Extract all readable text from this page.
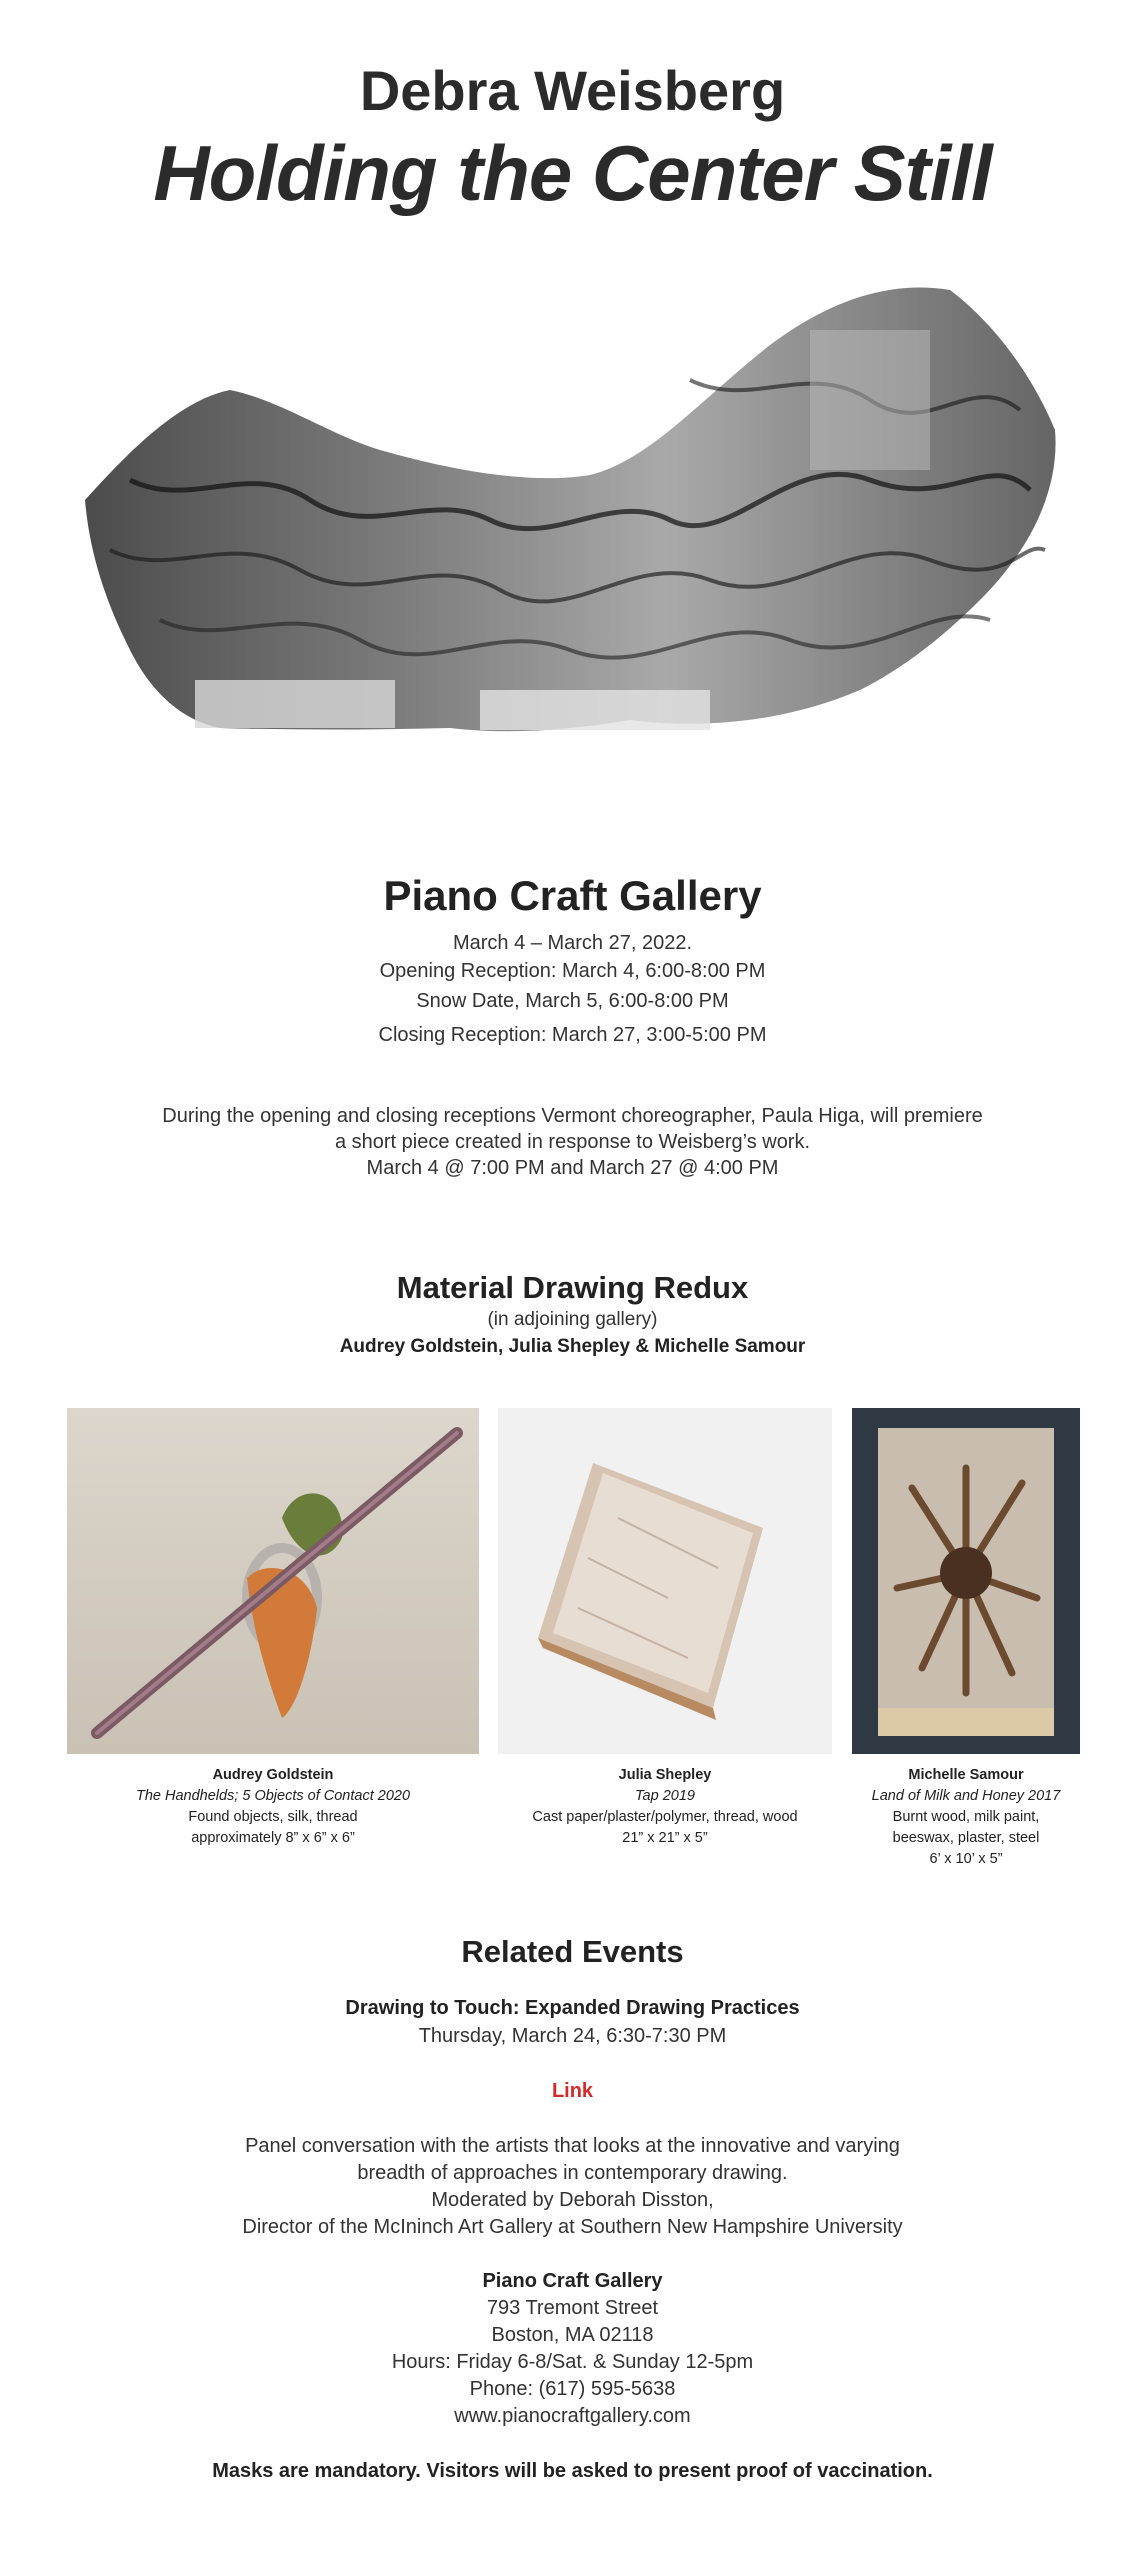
Debra Weisberg
Holding the Center Still
Piano Craft Gallery
March 4 – March 27, 2022.
Opening Reception: March 4, 6:00-8:00 PM
Snow Date, March 5, 6:00-8:00 PM
Closing Reception: March 27, 3:00-5:00 PM
During the opening and closing receptions Vermont choreographer, Paula Higa, will premiere
a short piece created in response to Weisberg’s work.
March 4 @ 7:00 PM and March 27 @ 4:00 PM
Material Drawing Redux
(in adjoining gallery)
Audrey Goldstein, Julia Shepley & Michelle Samour
Audrey Goldstein
The Handhelds; 5 Objects of Contact 2020
Found objects, silk, thread
approximately 8” x 6” x 6”
Julia Shepley
Tap 2019
Cast paper/plaster/polymer, thread, wood
21” x 21” x 5”
Michelle Samour
Land of Milk and Honey 2017
Burnt wood, milk paint,
beeswax, plaster, steel
6’ x 10’ x 5”
Related Events
Drawing to Touch: Expanded Drawing Practices
Thursday, March 24, 6:30-7:30 PM
Link
Panel conversation with the artists that looks at the innovative and varying
breadth of approaches in contemporary drawing.
Moderated by Deborah Disston,
Director of the McIninch Art Gallery at Southern New Hampshire University
Piano Craft Gallery
793 Tremont Street
Boston, MA 02118
Hours: Friday 6-8/Sat. & Sunday 12-5pm
Phone: (617) 595-5638
www.pianocraftgallery.com
Masks are mandatory. Visitors will be asked to present proof of vaccination.
